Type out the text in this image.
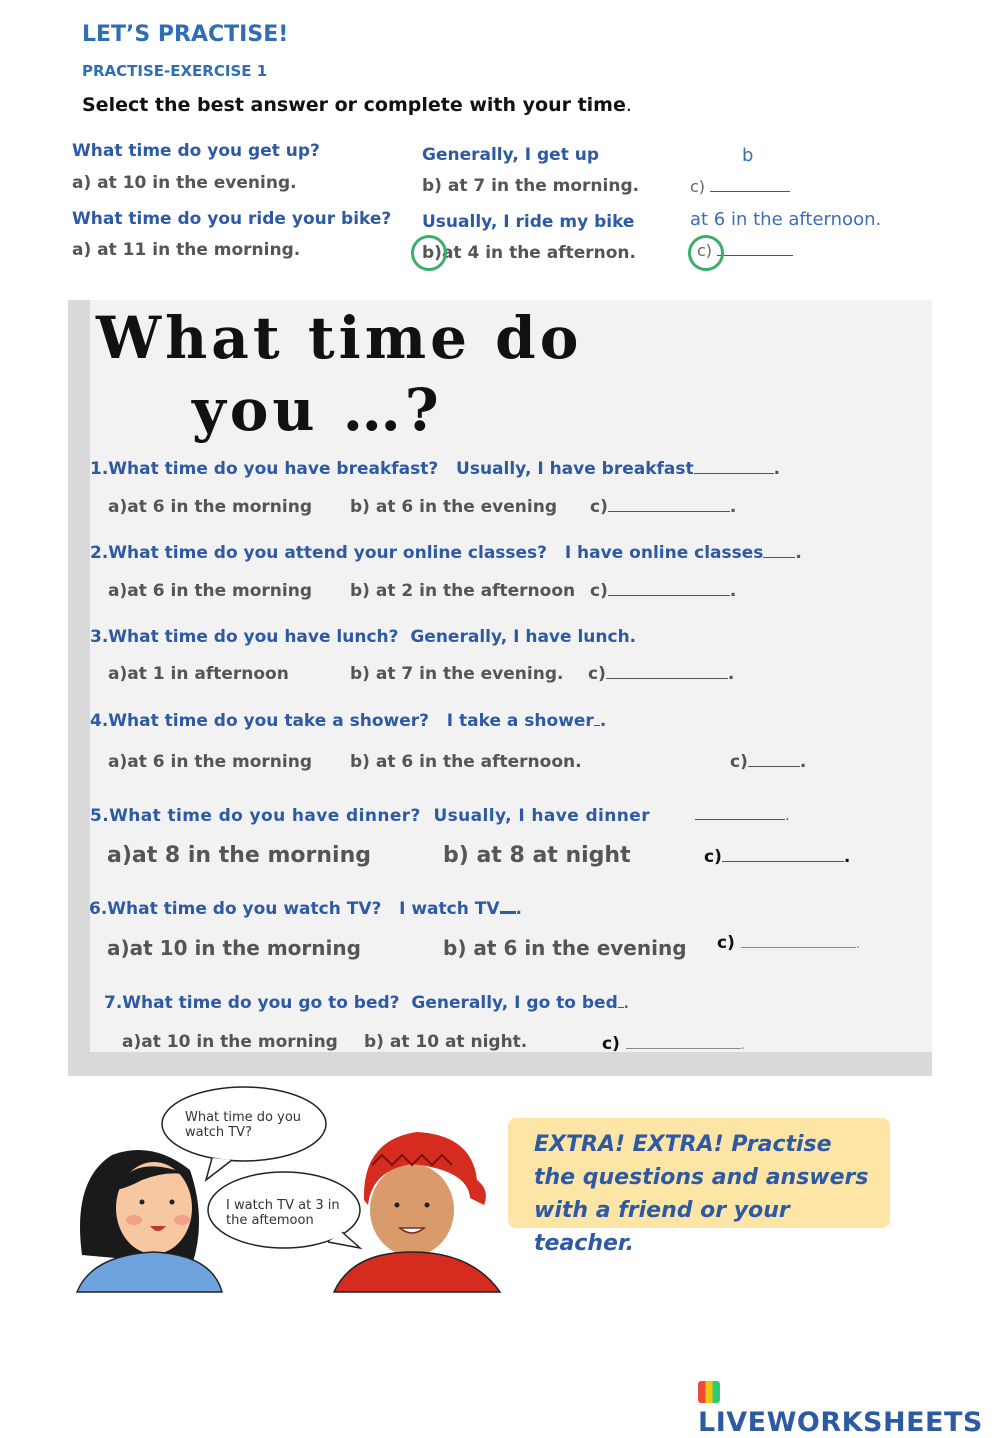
LET’S PRACTISE!
PRACTISE-EXERCISE 1
Select the best answer or complete with your time.
What time do you get up?
a) at 10 in the evening.
Generally, I get up
b) at 7 in the morning.
b
c)
What time do you ride your bike?
a) at 11 in the morning.
Usually, I ride my bike
b)at 4 in the afternon.
at 6 in the afternoon.
c)
What time do
you …?
1.What time do you have breakfast? Usually, I have breakfast	.
a)at 6 in the morning b) at 6 in the evening c)	.
2.What time do you attend your online classes? I have online classes .
a)at 6 in the morning b) at 2 in the afternoon c)	.
3.What time do you have lunch? Generally, I have lunch.
a)at 1 in afternoon	b) at 7 in the evening. c)	.
4.What time do you take a shower? I take a shower .
a)at 6 in the morning b) at 6 in the afternoon.	c)	.
5.What time do you have dinner? Usually, I have dinner	.
a)at 8 in the morning	b) at 8 at night	c)	.
6.What time do you watch TV? I watch TV .
a)at 10 in the morning	b) at 6 in the evening c)	.
7.What time do you go to bed? Generally, I go to bed .
a)at 10 in the morning b) at 10 at night.	c)	.
What time do you watch TV?
I watch TV at 3 in the aftemoon
EXTRA! EXTRA! Practise the questions and answers with a friend or your teacher.
LIVEWORKSHEETS
